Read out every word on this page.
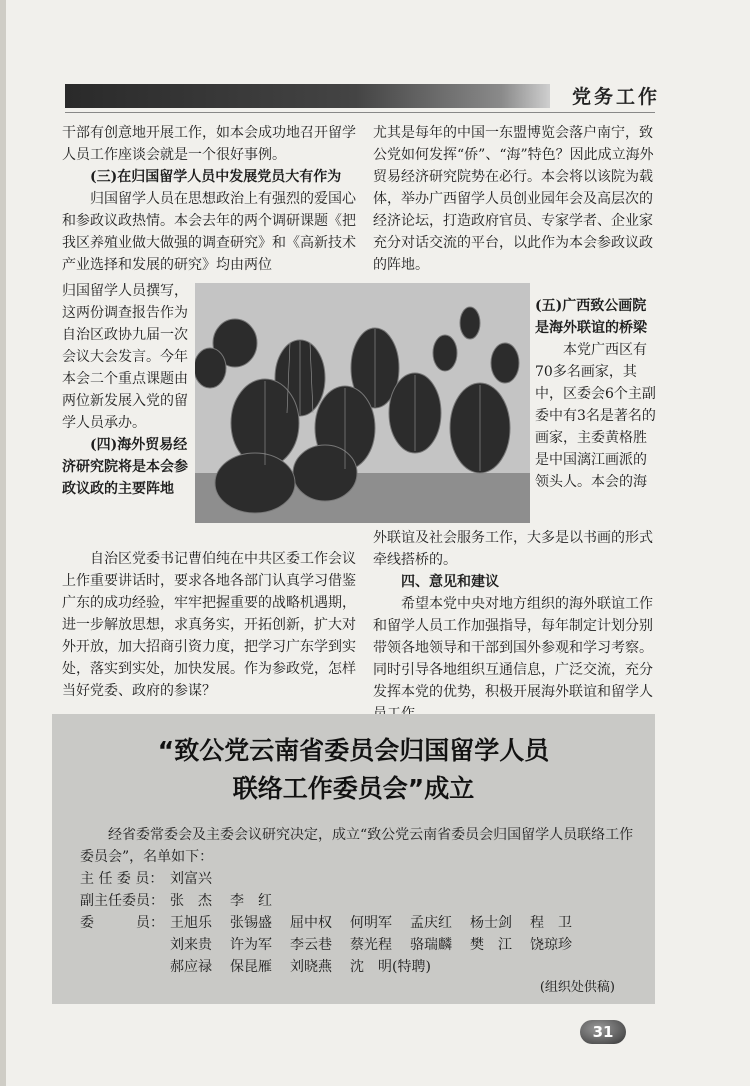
党务工作

干部有创意地开展工作，如本会成功地召开留学人员工作座谈会就是一个很好事例。

(三)在归国留学人员中发展党员大有作为

归国留学人员在思想政治上有强烈的爱国心和参政议政热情。本会去年的两个调研课题《把我区养殖业做大做强的调查研究》和《高新技术产业选择和发展的研究》均由两位

归国留学人员撰写，这两份调查报告作为自治区政协九届一次会议大会发言。今年本会二个重点课题由两位新发展入党的留学人员承办。

(四)海外贸易经济研究院将是本会参政议政的主要阵地

(五)广西致公画院是海外联谊的桥梁

本党广西区有70多名画家，其中，区委会6个主副委中有3名是著名的画家，主委黄格胜是中国漓江画派的领头人。本会的海

尤其是每年的中国一东盟博览会落户南宁，致公党如何发挥“侨”、“海”特色？因此成立海外贸易经济研究院势在必行。本会将以该院为载体，举办广西留学人员创业园年会及高层次的经济论坛，打造政府官员、专家学者、企业家充分对话交流的平台，以此作为本会参政议政的阵地。

自治区党委书记曹伯纯在中共区委工作会议上作重要讲话时，要求各地各部门认真学习借鉴广东的成功经验，牢牢把握重要的战略机遇期，进一步解放思想，求真务实，开拓创新，扩大对外开放，加大招商引资力度，把学习广东学到实处，落实到实处，加快发展。作为参政党，怎样当好党委、政府的参谋？

外联谊及社会服务工作，大多是以书画的形式牵线搭桥的。

四、意见和建议

希望本党中央对地方组织的海外联谊工作和留学人员工作加强指导，每年制定计划分别带领各地领导和干部到国外参观和学习考察。同时引导各地组织互通信息，广泛交流，充分发挥本党的优势，积极开展海外联谊和留学人

“致公党云南省委员会归国留学人员
联络工作委员会”成立

经省委常委会及主委会议研究决定，成立“致公党云南省委员会归国留学人员联络工作委员会”，名单如下：

主 任 委 员： 刘富兴
副主任委员： 张　杰 李　红
委　　　员： 王旭乐 张锡盛 屈中权 何明军 孟庆红 杨士剑 程　卫
刘来贵 许为军 李云巷 蔡光程 骆瑞麟 樊　江 饶琼珍
郝应禄 保昆雁 刘晓燕 沈　明(特聘)
(组织处供稿)
31
